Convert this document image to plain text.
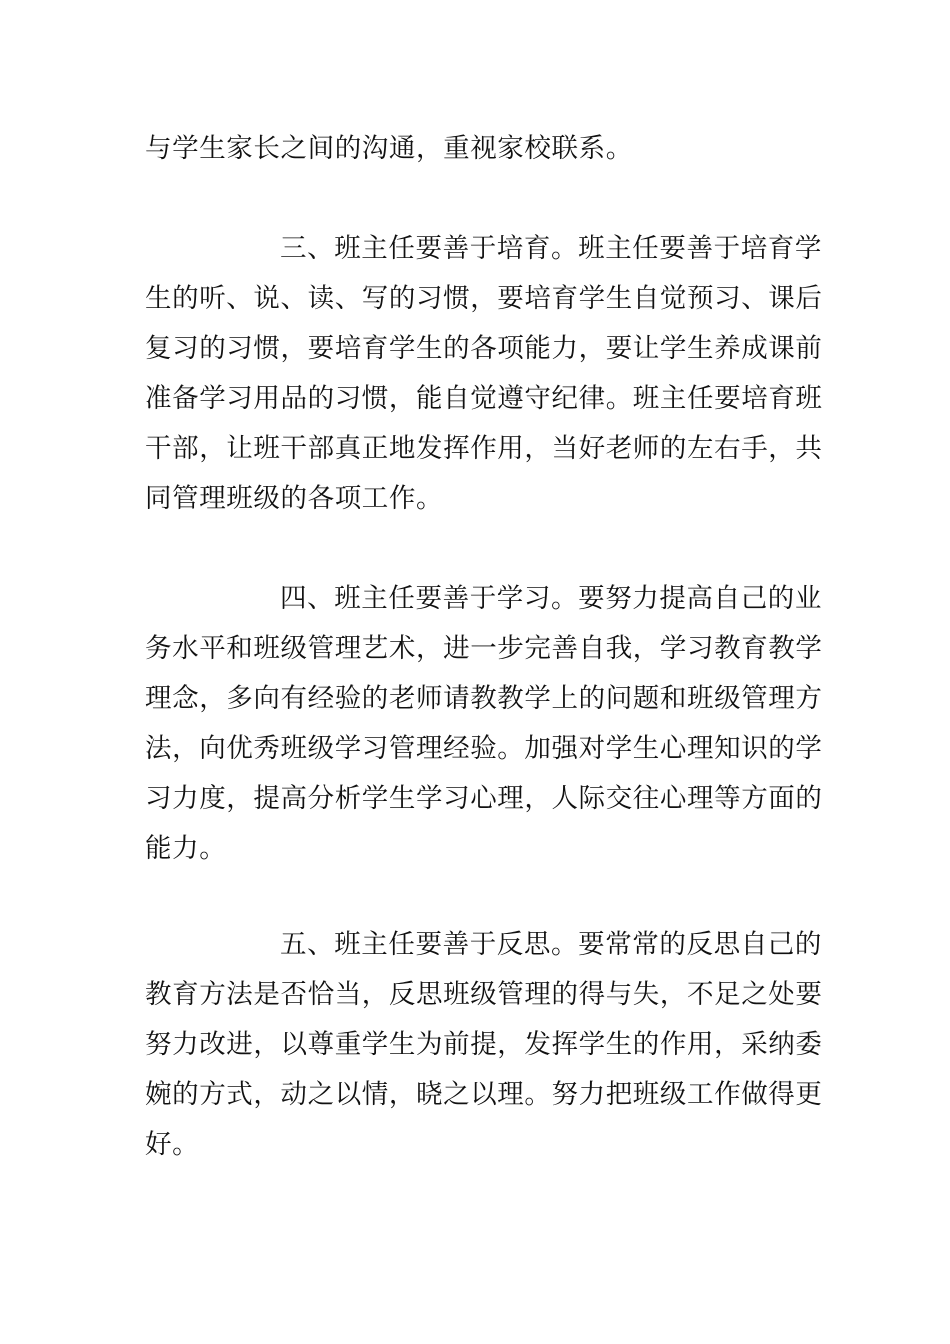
与学生家长之间的沟通，重视家校联系。
三、班主任要善于培育。班主任要善于培育学
生的听、说、读、写的习惯，要培育学生自觉预习、课后
复习的习惯，要培育学生的各项能力，要让学生养成课前
准备学习用品的习惯，能自觉遵守纪律。班主任要培育班
干部，让班干部真正地发挥作用，当好老师的左右手，共
同管理班级的各项工作。
四、班主任要善于学习。要努力提高自己的业
务水平和班级管理艺术，进一步完善自我，学习教育教学
理念，多向有经验的老师请教教学上的问题和班级管理方
法，向优秀班级学习管理经验。加强对学生心理知识的学
习力度，提高分析学生学习心理，人际交往心理等方面的
能力。
五、班主任要善于反思。要常常的反思自己的
教育方法是否恰当，反思班级管理的得与失，不足之处要
努力改进，以尊重学生为前提，发挥学生的作用，采纳委
婉的方式，动之以情，晓之以理。努力把班级工作做得更
好。
